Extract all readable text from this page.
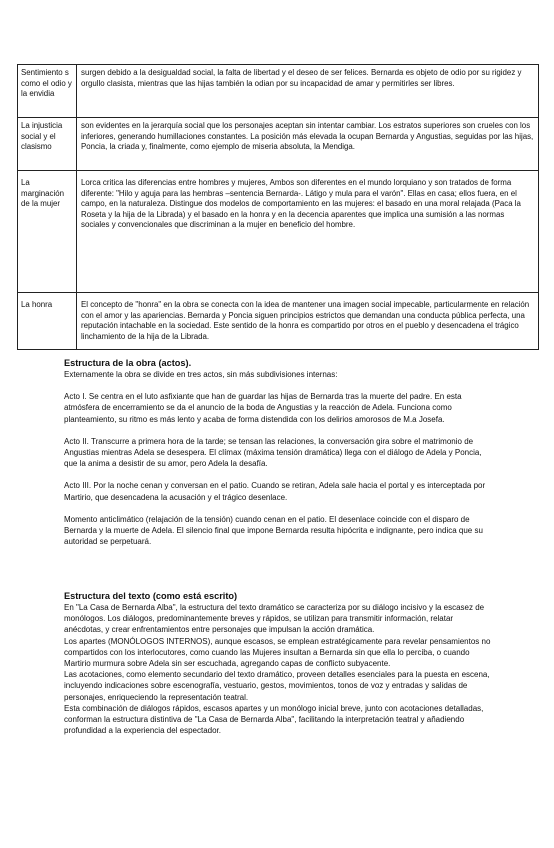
Sentimiento s como el odio y la envidia	surgen debido a la desigualdad social, la falta de libertad y el deseo de ser felices. Bernarda es objeto de odio por su rigidez y orgullo clasista, mientras que las hijas también la odian por su incapacidad de amar y permitirles ser libres.
La injusticia social y el clasismo	son evidentes en la jerarquía social que los personajes aceptan sin intentar cambiar. Los estratos superiores son crueles con los inferiores, generando humillaciones constantes. La posición más elevada la ocupan Bernarda y Angustias, seguidas por las hijas, Poncia, la criada y, finalmente, como ejemplo de miseria absoluta, la Mendiga.
La marginación de la mujer	Lorca critica las diferencias entre hombres y mujeres, Ambos son diferentes en el mundo lorquiano y son tratados de forma diferente: "Hilo y aguja para las hembras –sentencia Bernarda-. Látigo y mula para el varón". Ellas en casa; ellos fuera, en el campo, en la naturaleza. Distingue dos modelos de comportamiento en las mujeres: el basado en una moral relajada (Paca la Roseta y la hija de la Librada) y el basado en la honra y en la decencia aparentes que implica una sumisión a las normas sociales y convencionales que discriminan a la mujer en beneficio del hombre.
La honra	El concepto de "honra" en la obra se conecta con la idea de mantener una imagen social impecable, particularmente en relación con el amor y las apariencias. Bernarda y Poncia siguen principios estrictos que demandan una conducta pública perfecta, una reputación intachable en la sociedad. Este sentido de la honra es compartido por otros en el pueblo y desencadena el trágico linchamiento de la hija de la Librada.

Estructura de la obra (actos).

Externamente la obra se divide en tres actos, sin más subdivisiones internas:

Acto I. Se centra en el luto asfixiante que han de guardar las hijas de Bernarda tras la muerte del padre. En esta atmósfera de encerramiento se da el anuncio de la boda de Angustias y la reacción de Adela. Funciona como planteamiento, su ritmo es más lento y acaba de forma distendida con los delirios amorosos de M.a Josefa.

Acto II. Transcurre a primera hora de la tarde; se tensan las relaciones, la conversación gira sobre el matrimonio de Angustias mientras Adela se desespera. El clímax (máxima tensión dramática) llega con el diálogo de Adela y Poncia, que la anima a desistir de su amor, pero Adela la desafía.

Acto III. Por la noche cenan y conversan en el patio. Cuando se retiran, Adela sale hacia el portal y es interceptada por Martirio, que desencadena la acusación y el trágico desenlace.

Momento anticlimático (relajación de la tensión) cuando cenan en el patio. El desenlace coincide con el disparo de Bernarda y la muerte de Adela. El silencio final que impone Bernarda resulta hipócrita e indignante, pero indica que su autoridad se perpetuará.

Estructura del texto (como está escrito)

En "La Casa de Bernarda Alba", la estructura del texto dramático se caracteriza por su diálogo incisivo y la escasez de monólogos. Los diálogos, predominantemente breves y rápidos, se utilizan para transmitir información, relatar anécdotas, y crear enfrentamientos entre personajes que impulsan la acción dramática.

Los apartes (MONÓLOGOS INTERNOS), aunque escasos, se emplean estratégicamente para revelar pensamientos no compartidos con los interlocutores, como cuando las Mujeres insultan a Bernarda sin que ella lo perciba, o cuando Martirio murmura sobre Adela sin ser escuchada, agregando capas de conflicto subyacente.

Las acotaciones, como elemento secundario del texto dramático, proveen detalles esenciales para la puesta en escena, incluyendo indicaciones sobre escenografía, vestuario, gestos, movimientos, tonos de voz y entradas y salidas de personajes, enriqueciendo la representación teatral.

Esta combinación de diálogos rápidos, escasos apartes y un monólogo inicial breve, junto con acotaciones detalladas, conforman la estructura distintiva de "La Casa de Bernarda Alba", facilitando la interpretación teatral y añadiendo profundidad a la experiencia del espectador.
